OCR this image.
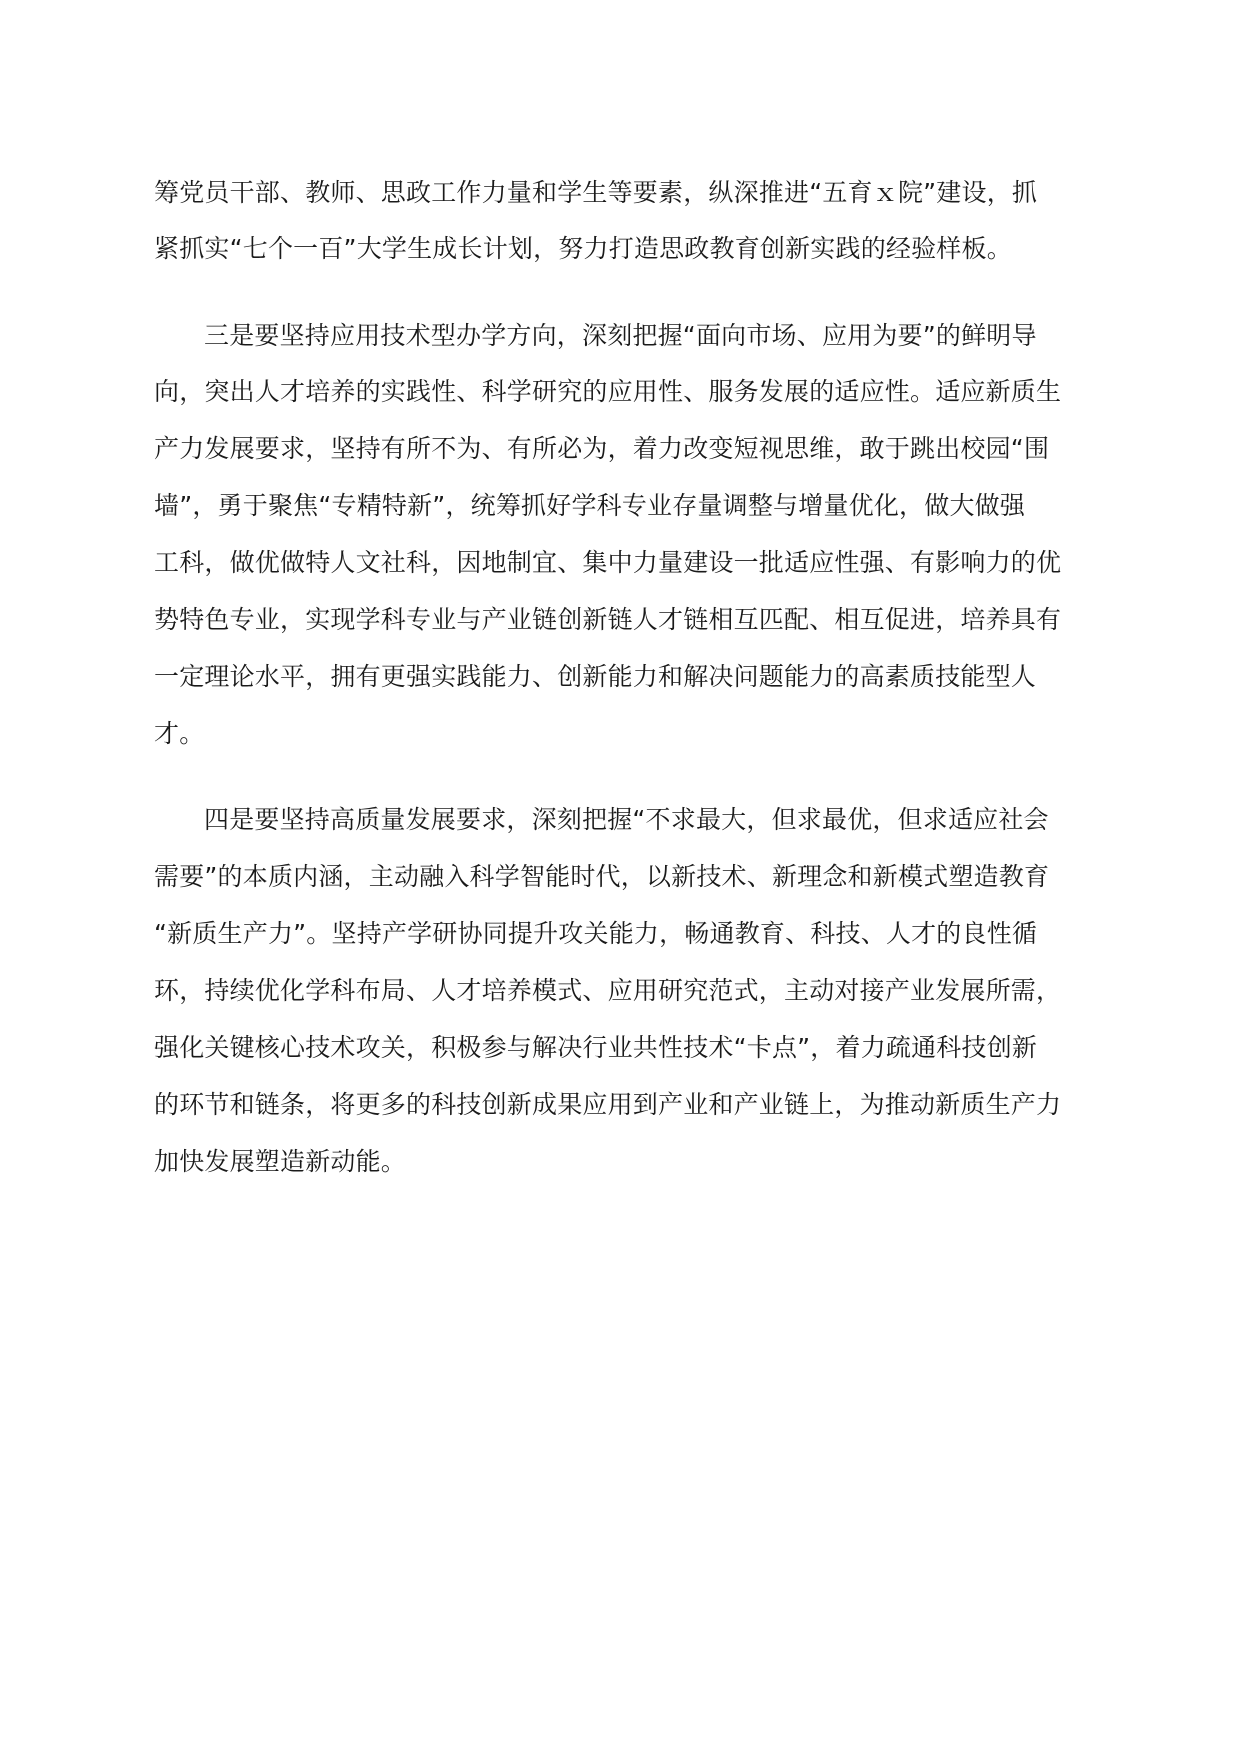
筹党员干部、教师、思政工作力量和学生等要素，纵深推进“五育ｘ院”建设，抓
紧抓实“七个一百”大学生成长计划，努力打造思政教育创新实践的经验样板。
三是要坚持应用技术型办学方向，深刻把握“面向市场、应用为要”的鲜明导
向，突出人才培养的实践性、科学研究的应用性、服务发展的适应性。适应新质生
产力发展要求，坚持有所不为、有所必为，着力改变短视思维，敢于跳出校园“围
墙”，勇于聚焦“专精特新”，统筹抓好学科专业存量调整与增量优化，做大做强
工科，做优做特人文社科，因地制宜、集中力量建设一批适应性强、有影响力的优
势特色专业，实现学科专业与产业链创新链人才链相互匹配、相互促进，培养具有
一定理论水平，拥有更强实践能力、创新能力和解决问题能力的高素质技能型人
才。
四是要坚持高质量发展要求，深刻把握“不求最大，但求最优，但求适应社会
需要”的本质内涵，主动融入科学智能时代，以新技术、新理念和新模式塑造教育
“新质生产力”。坚持产学研协同提升攻关能力，畅通教育、科技、人才的良性循
环，持续优化学科布局、人才培养模式、应用研究范式，主动对接产业发展所需，
强化关键核心技术攻关，积极参与解决行业共性技术“卡点”，着力疏通科技创新
的环节和链条，将更多的科技创新成果应用到产业和产业链上，为推动新质生产力
加快发展塑造新动能。
